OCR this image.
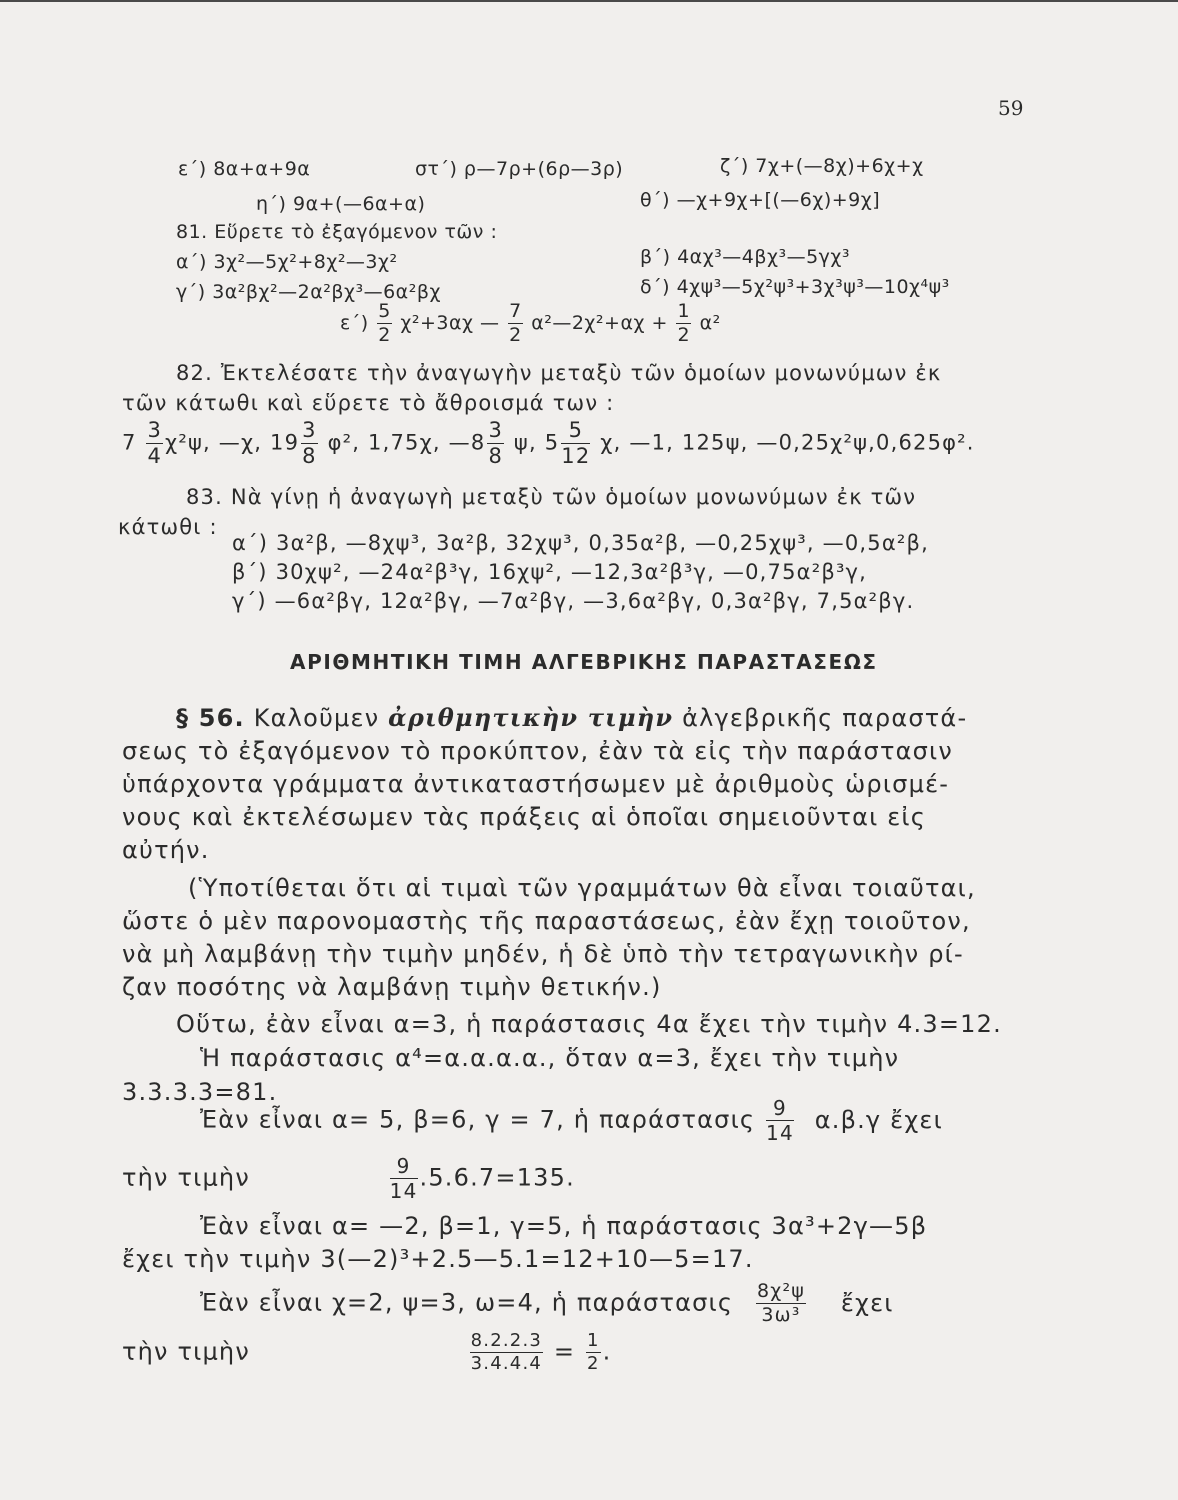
59
ε΄) 8α+α+9α	στ΄) ρ—7ρ+(6ρ—3ρ)	ζ΄) 7χ+(—8χ)+6χ+χ
η΄) 9α+(—6α+α)	θ΄) —χ+9χ+[(—6χ)+9χ]
81. Εὕρετε τὸ ἐξαγόμενον τῶν :
α΄) 3χ²—5χ²+8χ²—3χ²	β΄) 4αχ³—4βχ³—5γχ³
γ΄) 3α²βχ²—2α²βχ³—6α²βχ	δ΄) 4χψ³—5χ²ψ³+3χ³ψ³—10χ⁴ψ³
$\varepsilon΄) \frac{5}{2} \chi^2+3\alpha\chi$ — $\frac{7}{2}$ α²—2χ²+αχ + $\frac{1}{2} \alpha^2$
82. Ἐκτελέσατε τὴν ἀναγωγὴν μεταξὺ τῶν ὁμοίων μονωνύμων ἐκ
τῶν κάτωθι καὶ εὕρετε τὸ ἄθροισμά των :
$7 \frac{3}{4} \chi^2\psi$, —χ, $19 \frac{3}{8} \varphi^2$, 1,75χ, —8 $\frac{3}{8} \psi$, $5 \frac{5}{12} \chi$, —1, 125ψ, —0,25χ²ψ,0,625φ².
83. Νὰ γίνῃ ἡ ἀναγωγὴ μεταξὺ τῶν ὁμοίων μονωνύμων ἐκ τῶν
κάτωθι :
α΄) 3α²β, —8χψ³, 3α²β, 32χψ³, 0,35α²β, —0,25χψ³, —0,5α²β,
β΄) 30χψ², —24α²β³γ, 16χψ², —12,3α²β³γ, —0,75α²β³γ,
γ΄) —6α²βγ, 12α²βγ, —7α²βγ, —3,6α²βγ, 0,3α²βγ, 7,5α²βγ.
ΑΡΙΘΜΗΤΙΚΗ ΤΙΜΗ ΑΛΓΕΒΡΙΚΗΣ ΠΑΡΑΣΤΑΣΕΩΣ
§ 56. Καλοῦμεν ἀριθμητικὴν τιμὴν ἀλγεβρικῆς παραστά-
σεως τὸ ἐξαγόμενον τὸ προκύπτον, ἐὰν τὰ εἰς τὴν παράστασιν
ὑπάρχοντα γράμματα ἀντικαταστήσωμεν μὲ ἀριθμοὺς ὡρισμέ-
νους καὶ ἐκτελέσωμεν τὰς πράξεις αἱ ὁποῖαι σημειοῦνται εἰς
αὐτήν.
(Ὑποτίθεται ὅτι αἱ τιμαὶ τῶν γραμμάτων θὰ εἶναι τοιαῦται,
ὥστε ὁ μὲν παρονομαστὴς τῆς παραστάσεως, ἐὰν ἔχῃ τοιοῦτον,
νὰ μὴ λαμβάνῃ τὴν τιμὴν μηδέν, ἡ δὲ ὑπὸ τὴν τετραγωνικὴν ρί-
ζαν ποσότης νὰ λαμβάνῃ τιμὴν θετικήν.)
Οὕτω, ἐὰν εἶναι α=3, ἡ παράστασις 4α ἔχει τὴν τιμὴν 4.3=12.
Ἡ παράστασις α⁴=α.α.α.α., ὅταν α=3, ἔχει τὴν τιμὴν
3.3.3.3=81.
Ἐὰν εἶναι α= 5, β=6, γ = 7, ἡ παράστασις $\frac{9}{14} \alpha.\beta.\gamma$ ἔχει
τὴν τιμὴν	$\frac{9}{14} .5.6.7=135$.
Ἐὰν εἶναι α= —2, β=1, γ=5, ἡ παράστασις 3α³+2γ—5β
ἔχει τὴν τιμὴν 3(—2)³+2.5—5.1=12+10—5=17.
Ἐὰν εἶναι χ=2, ψ=3, ω=4, ἡ παράστασις $\frac{\text{8χ²ψ}}{\text{3ω³}}$ ἔχει
τὴν τιμὴν	$\frac{8.2.2.3}{3.4.4.4} = \frac{1}{2}$ .
